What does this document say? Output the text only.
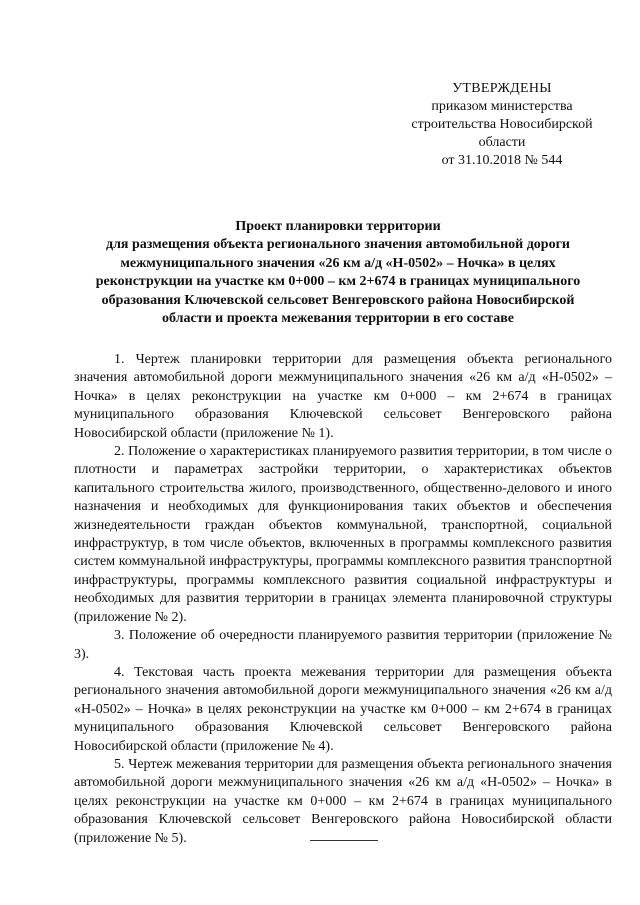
УТВЕРЖДЕНЫ
приказом министерства
строительства Новосибирской
области
от 31.10.2018 № 544
Проект планировки территории
для размещения объекта регионального значения автомобильной дороги
межмуниципального значения «26 км а/д «Н-0502» – Ночка» в целях
реконструкции на участке км 0+000 – км 2+674 в границах муниципального
образования Ключевской сельсовет Венгеровского района Новосибирской
области и проекта межевания территории в его составе

1. Чертеж планировки территории для размещения объекта регионального значения автомобильной дороги межмуниципального значения «26 км а/д «Н-0502» – Ночка» в целях реконструкции на участке км 0+000 – км 2+674 в границах муниципального образования Ключевской сельсовет Венгеровского района Новосибирской области (приложение № 1).

2. Положение о характеристиках планируемого развития территории, в том числе о плотности и параметрах застройки территории, о характеристиках объектов капитального строительства жилого, производственного, общественно-делового и иного назначения и необходимых для функционирования таких объектов и обеспечения жизнедеятельности граждан объектов коммунальной, транспортной, социальной инфраструктур, в том числе объектов, включенных в программы комплексного развития систем коммунальной инфраструктуры, программы комплексного развития транспортной инфраструктуры, программы комплексного развития социальной инфраструктуры и необходимых для развития территории в границах элемента планировочной структуры (приложение № 2).

3. Положение об очередности планируемого развития территории (приложение № 3).

4. Текстовая часть проекта межевания территории для размещения объекта регионального значения автомобильной дороги межмуниципального значения «26 км а/д «Н-0502» – Ночка» в целях реконструкции на участке км 0+000 – км 2+674 в границах муниципального образования Ключевской сельсовет Венгеровского района Новосибирской области (приложение № 4).

5. Чертеж межевания территории для размещения объекта регионального значения автомобильной дороги межмуниципального значения «26 км а/д «Н-0502» – Ночка» в целях реконструкции на участке км 0+000 – км 2+674 в границах муниципального образования Ключевской сельсовет Венгеровского района Новосибирской области (приложение № 5).
